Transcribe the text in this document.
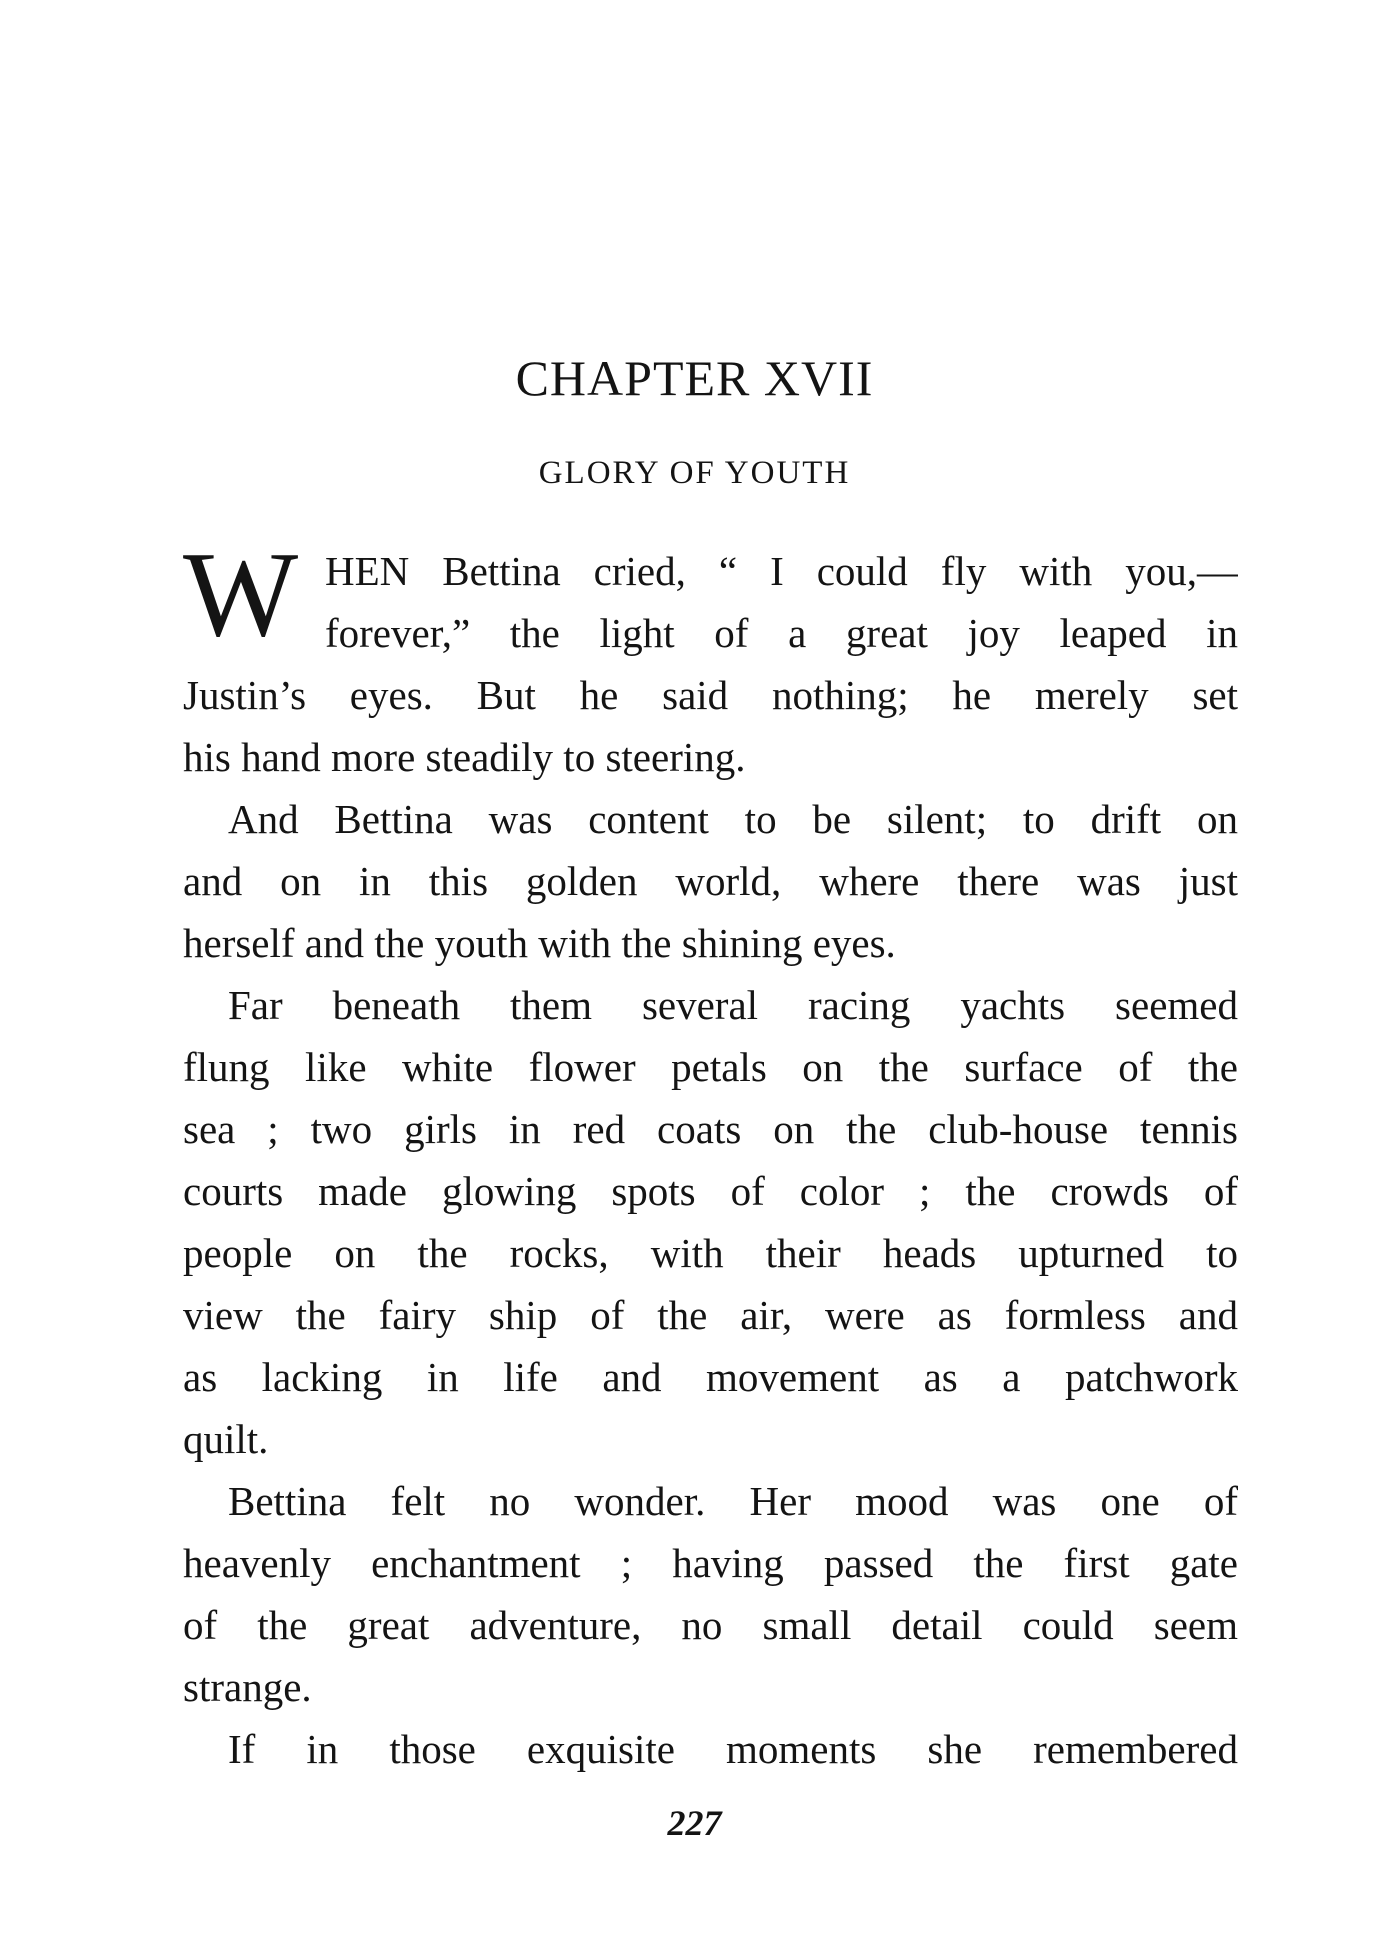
CHAPTER XVII
GLORY OF YOUTH
W HEN Bettina cried, “ I could fly with you,—
forever,” the light of a great joy leaped in
Justin’s eyes. But he said nothing; he merely set
his hand more steadily to steering.
And Bettina was content to be silent; to drift on
and on in this golden world, where there was just
herself and the youth with the shining eyes.
Far beneath them several racing yachts seemed
flung like white flower petals on the surface of the
sea ; two girls in red coats on the club-house tennis
courts made glowing spots of color ; the crowds of
people on the rocks, with their heads upturned to
view the fairy ship of the air, were as formless and
as lacking in life and movement as a patchwork
quilt.
Bettina felt no wonder. Her mood was one of
heavenly enchantment ; having passed the first gate
of the great adventure, no small detail could seem
strange.
If in those exquisite moments she remembered
227
